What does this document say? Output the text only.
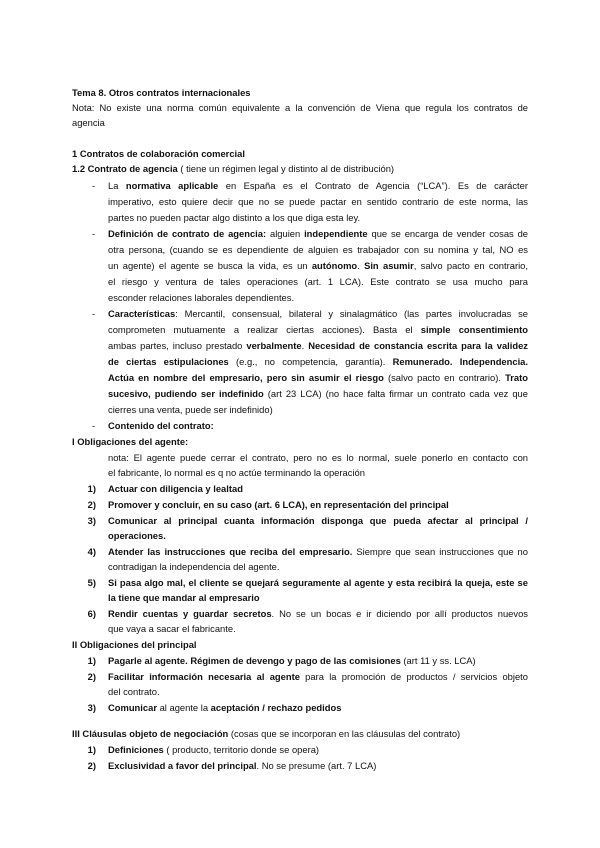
Tema 8. Otros contratos internacionales
Nota: No existe una norma común equivalente a la convención de Viena que regula los contratos de
agencia
1 Contratos de colaboración comercial
1.2 Contrato de agencia ( tiene un régimen legal y distinto al de distribución)
- La normativa aplicable en España es el Contrato de Agencia (“LCA”). Es de carácter
imperativo, esto quiere decir que no se puede pactar en sentido contrario de este norma, las
partes no pueden pactar algo distinto a los que diga esta ley.
- Definición de contrato de agencia: alguien independiente que se encarga de vender cosas de
otra persona, (cuando se es dependiente de alguien es trabajador con su nomina y tal, NO es
un agente) el agente se busca la vida, es un autónomo. Sin asumir, salvo pacto en contrario,
el riesgo y ventura de tales operaciones (art. 1 LCA). Este contrato se usa mucho para
esconder relaciones laborales dependientes.
- Características: Mercantil, consensual, bilateral y sinalagmático (las partes involucradas se
comprometen mutuamente a realizar ciertas acciones). Basta el simple consentimiento
ambas partes, incluso prestado verbalmente. Necesidad de constancia escrita para la validez
de ciertas estipulaciones (e.g., no competencia, garantía). Remunerado. Independencia.
Actúa en nombre del empresario, pero sin asumir el riesgo (salvo pacto en contrario). Trato
sucesivo, pudiendo ser indefinido (art 23 LCA) (no hace falta firmar un contrato cada vez que
cierres una venta, puede ser indefinido)
- Contenido del contrato:
I Obligaciones del agente:
nota: El agente puede cerrar el contrato, pero no es lo normal, suele ponerlo en contacto con
el fabricante, lo normal es q no actúe terminando la operación
1) Actuar con diligencia y lealtad
2) Promover y concluir, en su caso (art. 6 LCA), en representación del principal
3) Comunicar al principal cuanta información disponga que pueda afectar al principal /
operaciones.
4) Atender las instrucciones que reciba del empresario. Siempre que sean instrucciones que no
contradigan la independencia del agente.
5) Si pasa algo mal, el cliente se quejará seguramente al agente y esta recibirá la queja, este se
la tiene que mandar al empresario
6) Rendir cuentas y guardar secretos. No se un bocas e ir diciendo por allí productos nuevos
que vaya a sacar el fabricante.
II Obligaciones del principal
1) Pagarle al agente. Régimen de devengo y pago de las comisiones (art 11 y ss. LCA)
2) Facilitar información necesaria al agente para la promoción de productos / servicios objeto
del contrato.
3) Comunicar al agente la aceptación / rechazo pedidos
III Cláusulas objeto de negociación (cosas que se incorporan en las cláusulas del contrato)
1) Definiciones ( producto, territorio donde se opera)
2) Exclusividad a favor del principal. No se presume (art. 7 LCA)
